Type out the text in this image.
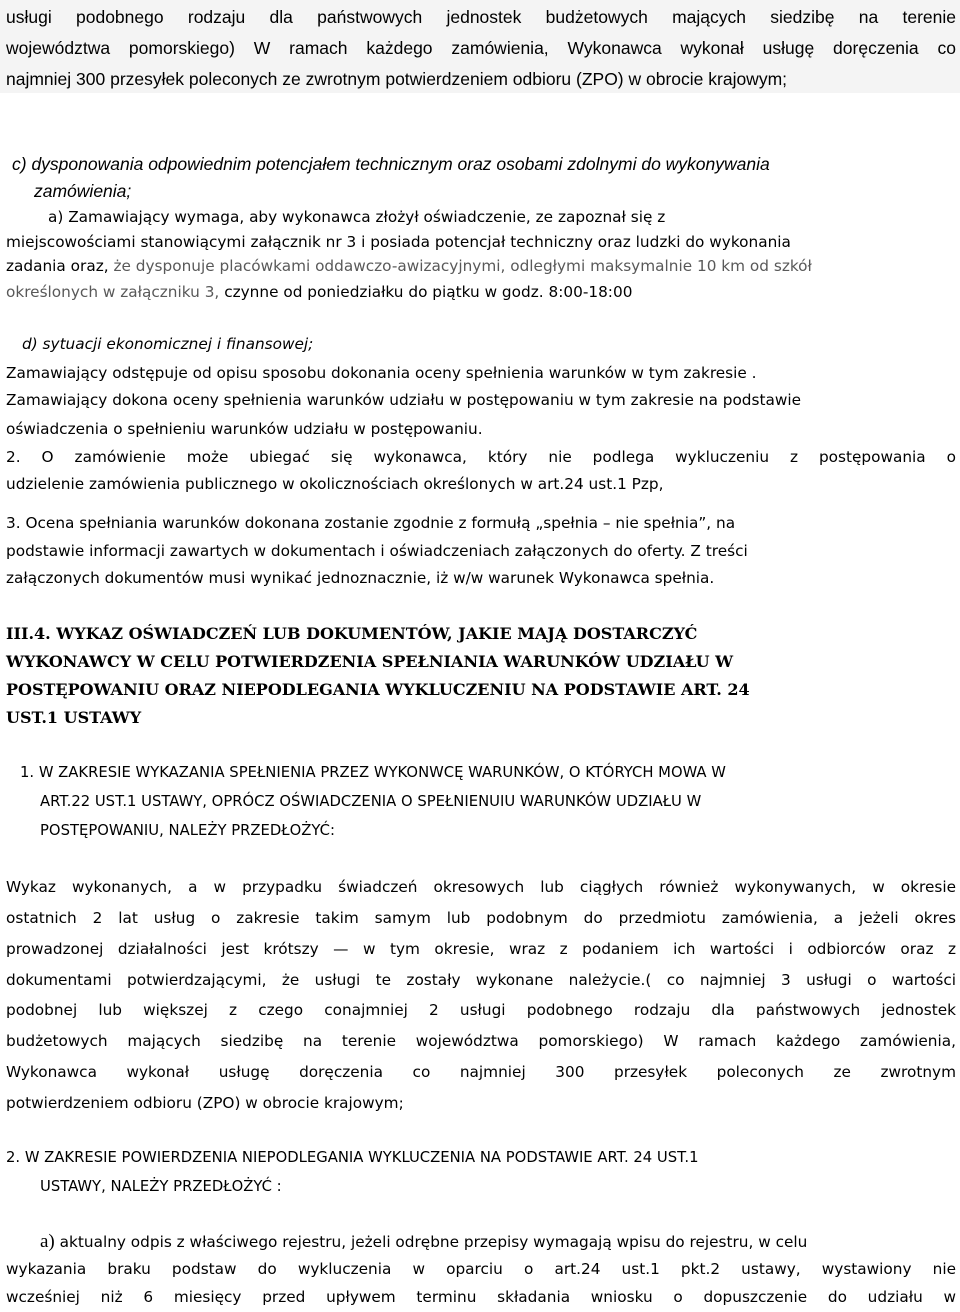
usługi podobnego rodzaju dla państwowych jednostek budżetowych mających siedzibę na terenie
województwa pomorskiego) W ramach każdego zamówienia, Wykonawca wykonał usługę doręczenia co
najmniej 300 przesyłek poleconych ze zwrotnym potwierdzeniem odbioru (ZPO) w obrocie krajowym;
c) dysponowania odpowiednim potencjałem technicznym oraz osobami zdolnymi do wykonywania
zamówienia;
a) Zamawiający wymaga, aby wykonawca złożył oświadczenie, ze zapoznał się z
miejscowościami stanowiącymi załącznik nr 3 i posiada potencjał techniczny oraz ludzki do wykonania
zadania oraz, że dysponuje placówkami oddawczo-awizacyjnymi, odległymi maksymalnie 10 km od szkół
określonych w załączniku 3, czynne od poniedziałku do piątku w godz. 8:00-18:00
d) sytuacji ekonomicznej i finansowej;
Zamawiający odstępuje od opisu sposobu dokonania oceny spełnienia warunków w tym zakresie .
Zamawiający dokona oceny spełnienia warunków udziału w postępowaniu w tym zakresie na podstawie
oświadczenia o spełnieniu warunków udziału w postępowaniu.
2. O zamówienie może ubiegać się wykonawca, który nie podlega wykluczeniu z postępowania o
udzielenie zamówienia publicznego w okolicznościach określonych w art.24 ust.1 Pzp,
3. Ocena spełniania warunków dokonana zostanie zgodnie z formułą „spełnia – nie spełnia”, na
podstawie informacji zawartych w dokumentach i oświadczeniach załączonych do oferty. Z treści
załączonych dokumentów musi wynikać jednoznacznie, iż w/w warunek Wykonawca spełnia.
III.4. WYKAZ OŚWIADCZEŃ LUB DOKUMENTÓW, JAKIE MAJĄ DOSTARCZYĆ
WYKONAWCY W CELU POTWIERDZENIA SPEŁNIANIA WARUNKÓW UDZIAŁU W
POSTĘPOWANIU ORAZ NIEPODLEGANIA WYKLUCZENIU NA PODSTAWIE ART. 24
UST.1 USTAWY
1. W ZAKRESIE WYKAZANIA SPEŁNIENIA PRZEZ WYKONWCĘ WARUNKÓW, O KTÓRYCH MOWA W
ART.22 UST.1 USTAWY, OPRÓCZ OŚWIADCZENIA O SPEŁNIENUIU WARUNKÓW UDZIAŁU W
POSTĘPOWANIU, NALEŻY PRZEDŁOŻYĆ:
Wykaz wykonanych, a w przypadku świadczeń okresowych lub ciągłych również wykonywanych, w okresie
ostatnich 2 lat usług o zakresie takim samym lub podobnym do przedmiotu zamówienia, a jeżeli okres
prowadzonej działalności jest krótszy — w tym okresie, wraz z podaniem ich wartości i odbiorców oraz z
dokumentami potwierdzającymi, że usługi te zostały wykonane należycie.( co najmniej 3 usługi o wartości
podobnej lub większej z czego conajmniej 2 usługi podobnego rodzaju dla państwowych jednostek
budżetowych mających siedzibę na terenie województwa pomorskiego) W ramach każdego zamówienia,
Wykonawca wykonał usługę doręczenia co najmniej 300 przesyłek poleconych ze zwrotnym
potwierdzeniem odbioru (ZPO) w obrocie krajowym;
2. W ZAKRESIE POWIERDZENIA NIEPODLEGANIA WYKLUCZENIA NA PODSTAWIE ART. 24 UST.1
USTAWY, NALEŻY PRZEDŁOŻYĆ :
a) aktualny odpis z właściwego rejestru, jeżeli odrębne przepisy wymagają wpisu do rejestru, w celu
wykazania braku podstaw do wykluczenia w oparciu o art.24 ust.1 pkt.2 ustawy, wystawiony nie
wcześniej niż 6 miesięcy przed upływem terminu składania wniosku o dopuszczenie do udziału w
